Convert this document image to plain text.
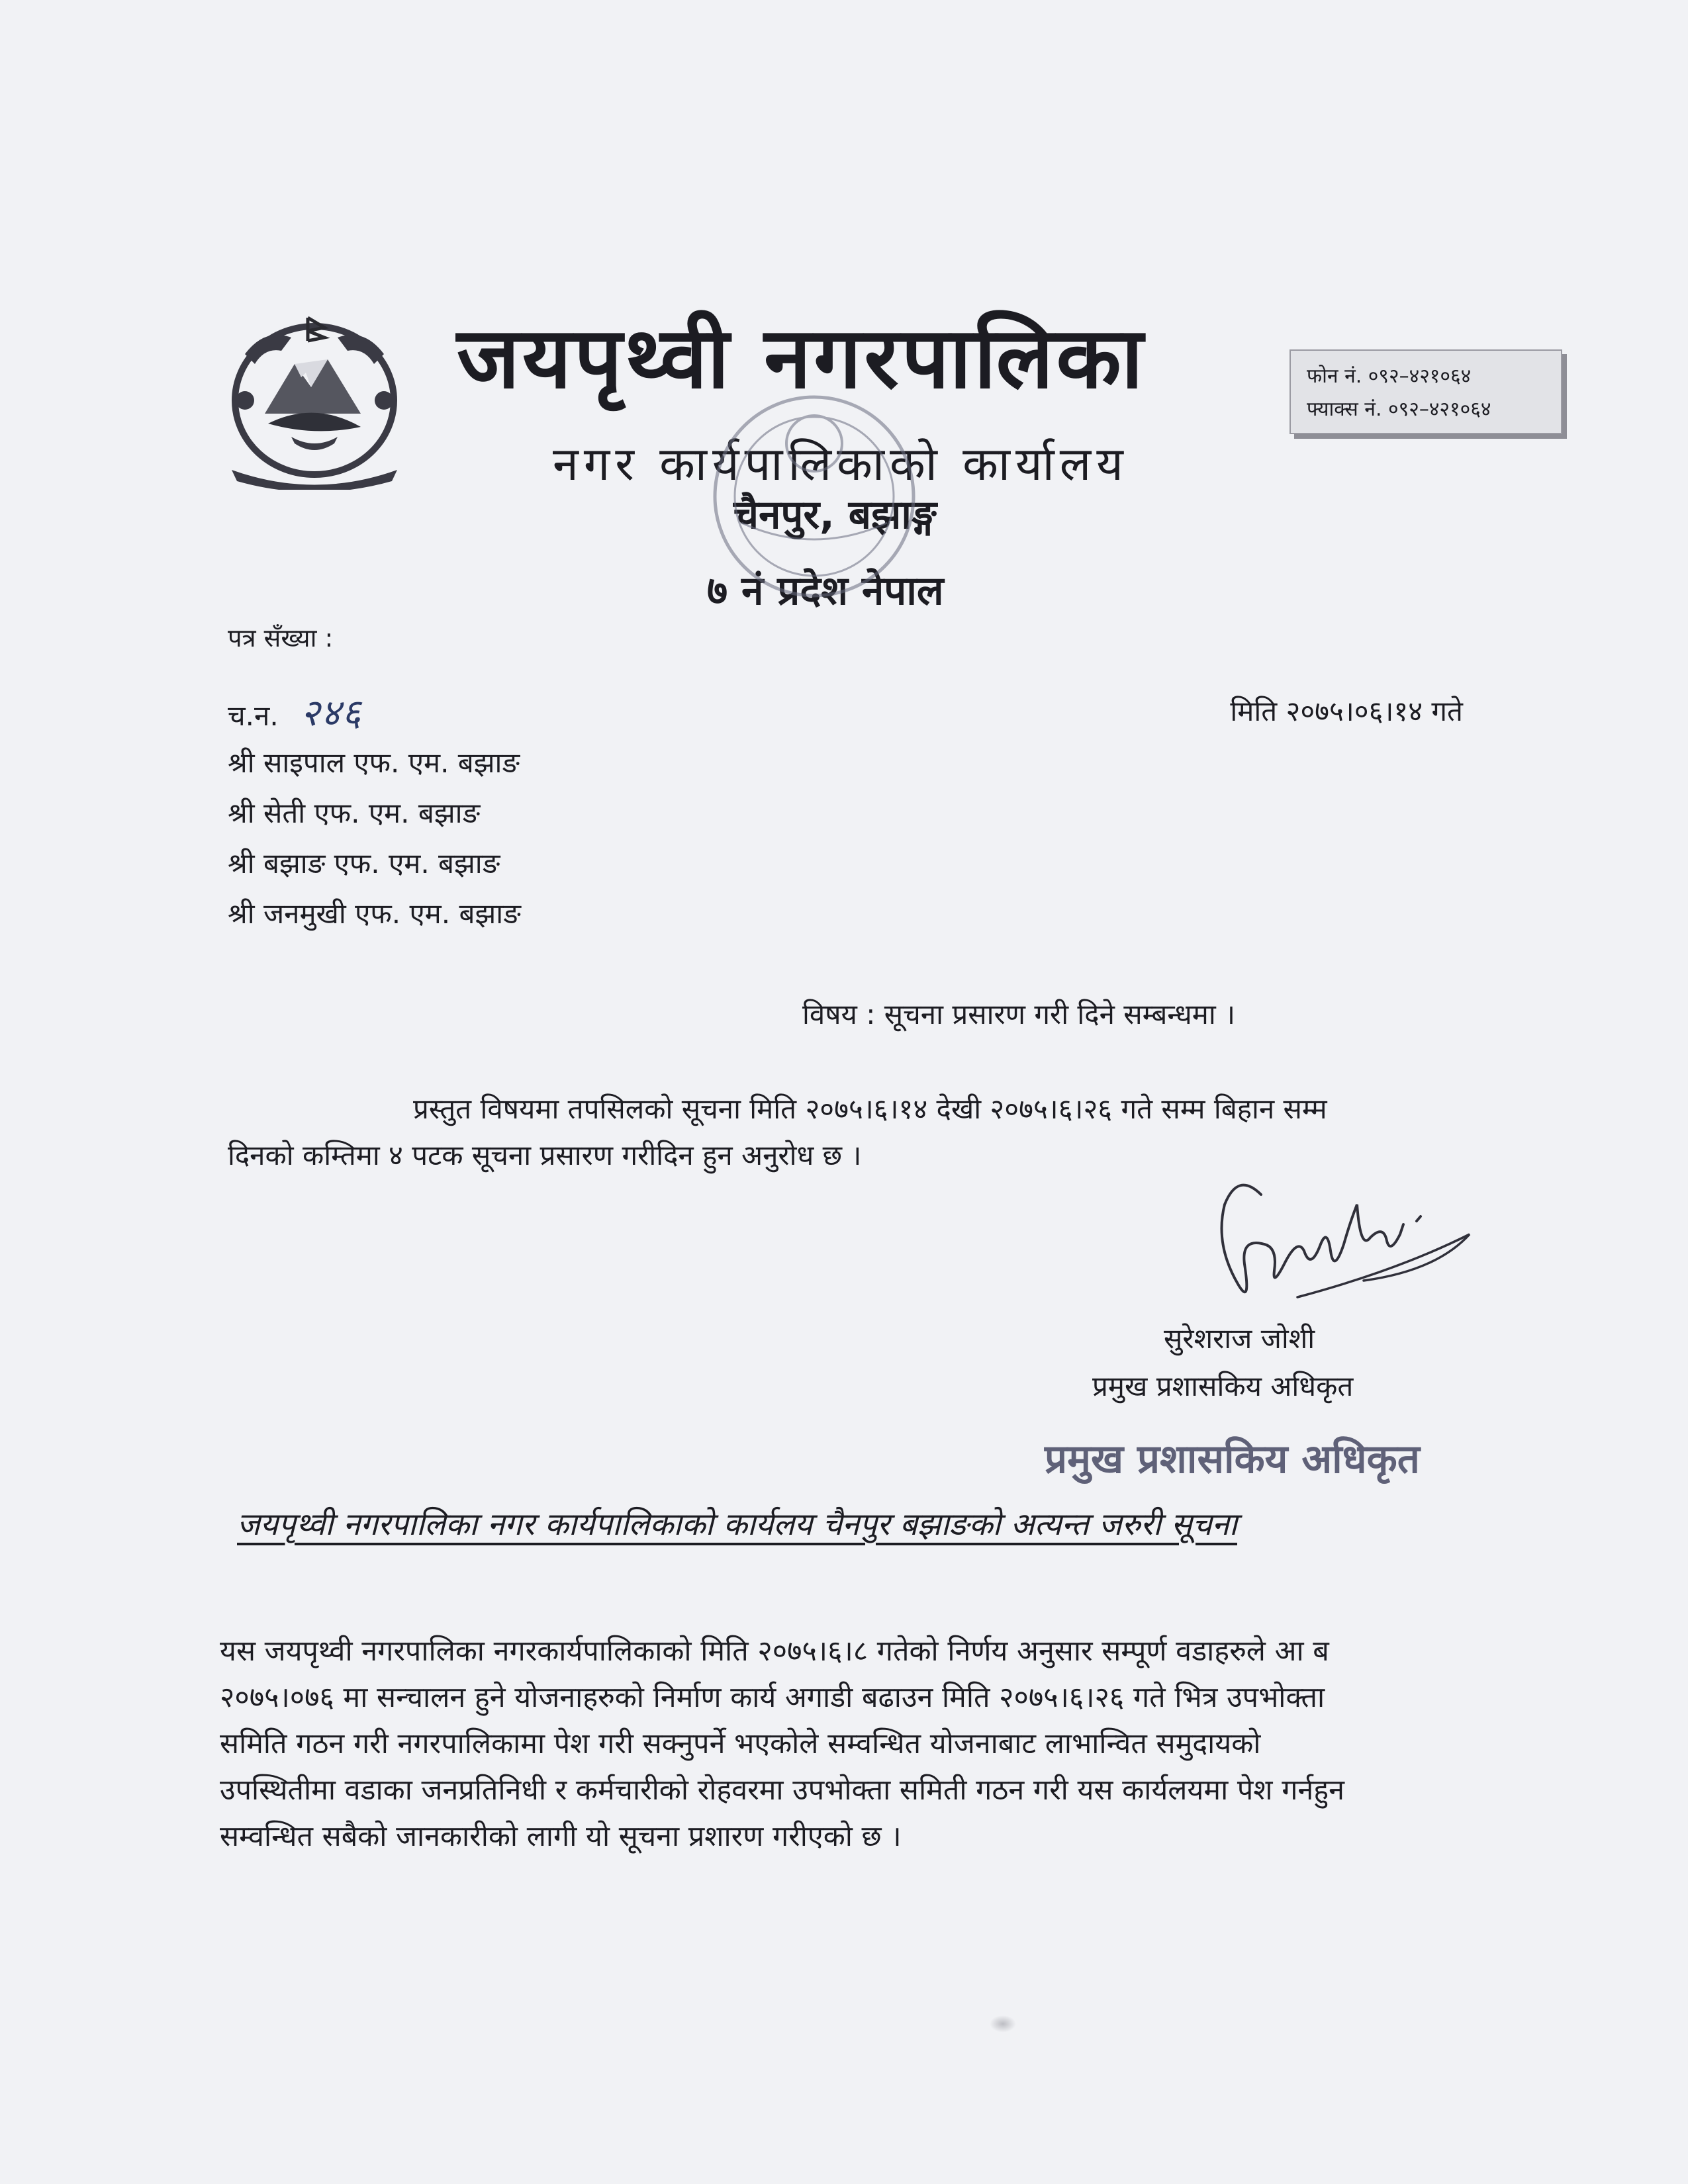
जयपृथ्वी नगरपालिका
नगर कार्यपालिकाको कार्यालय
चैनपुर, बझाङ्ग
७ नं प्रदेश नेपाल
फोन नं. ०९२–४२१०६४
फ्याक्स नं. ०९२–४२१०६४
पत्र सँख्या :
च.न. २४६	मिति २०७५।०६।१४ गते
श्री साइपाल एफ. एम. बझाङ
श्री सेती एफ. एम. बझाङ
श्री बझाङ एफ. एम. बझाङ
श्री जनमुखी एफ. एम. बझाङ
विषय : सूचना प्रसारण गरी दिने सम्बन्धमा ।
प्रस्तुत विषयमा तपसिलको सूचना मिति २०७५।६।१४ देखी २०७५।६।२६ गते सम्म बिहान सम्म
दिनको कम्तिमा ४ पटक सूचना प्रसारण गरीदिन हुन अनुरोध छ ।
सुरेशराज जोशी
प्रमुख प्रशासकिय अधिकृत
प्रमुख प्रशासकिय अधिकृत
जयपृथ्वी नगरपालिका नगर कार्यपालिकाको कार्यलय चैनपुर बझाङको अत्यन्त जरुरी सूचना

यस जयपृथ्वी नगरपालिका नगरकार्यपालिकाको मिति २०७५।६।८ गतेको निर्णय अनुसार सम्पूर्ण वडाहरुले आ ब

२०७५।०७६ मा सन्चालन हुने योजनाहरुको निर्माण कार्य अगाडी बढाउन मिति २०७५।६।२६ गते भित्र उपभोक्ता

समिति गठन गरी नगरपालिकामा पेश गरी सक्नुपर्ने भएकोले सम्वन्धित योजनाबाट लाभान्वित समुदायको

उपस्थितीमा वडाका जनप्रतिनिधी र कर्मचारीको रोहवरमा उपभोक्ता समिती गठन गरी यस कार्यलयमा पेश गर्नहुन

सम्वन्धित सबैको जानकारीको लागी यो सूचना प्रशारण गरीएको छ ।
